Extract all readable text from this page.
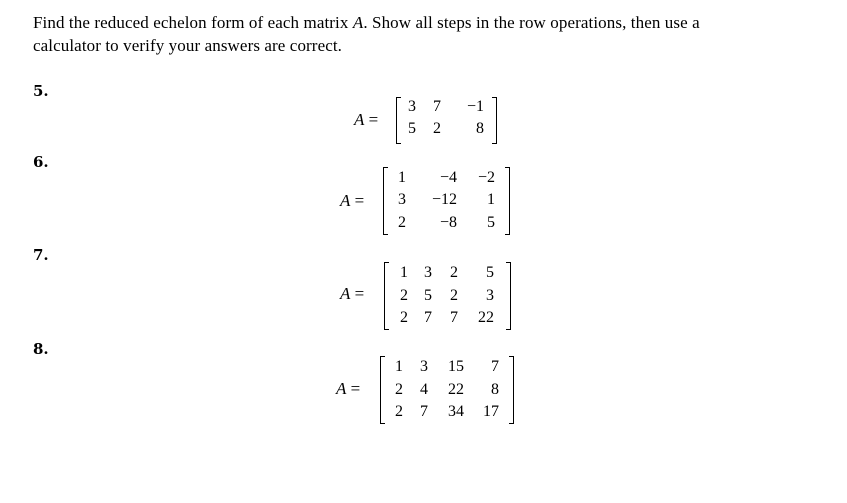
Find the reduced echelon form of each matrix A. Show all steps in the row operations, then use a
calculator to verify your answers are correct.
5.
A =
3 7 −1
5 2 8
6.
A =
1 −4 −2
3 −12 1
2 −8 5
7.
A =
1 3 2 5
2 5 2 3
2 7 7 22
8.
A =
1 3 15 7
2 4 22 8
2 7 34 17
